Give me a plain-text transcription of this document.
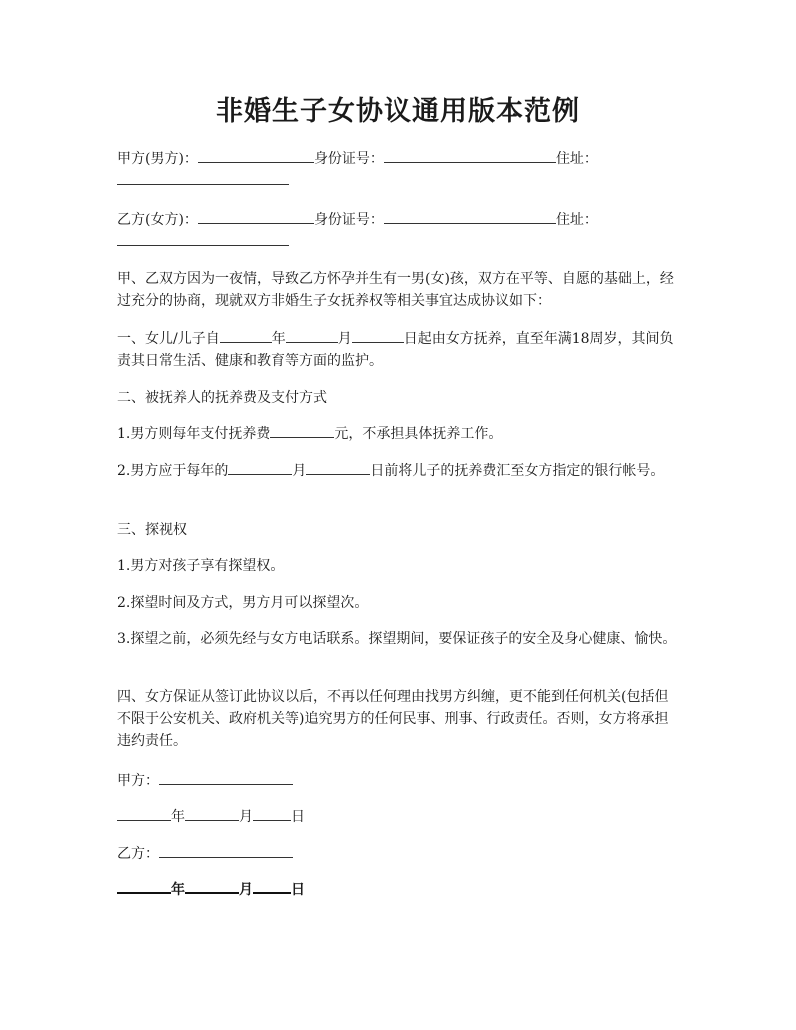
非婚生子女协议通用版本范例

甲方(男方)：	身份证号：	住址：

乙方(女方)：	身份证号：	住址：

甲、乙双方因为一夜情，导致乙方怀孕并生有一男(女)孩，双方在平等、自愿的基础上，经过充分的协商，现就双方非婚生子女抚养权等相关事宜达成协议如下：

一、女儿/儿子自	年	月	日起由女方抚养，直至年满18周岁，其间负责其日常生活、健康和教育等方面的监护。

二、被抚养人的抚养费及支付方式

1.男方则每年支付抚养费	元，不承担具体抚养工作。

2.男方应于每年的	月	日前将儿子的抚养费汇至女方指定的银行帐号。

三、探视权

1.男方对孩子享有探望权。

2.探望时间及方式，男方月可以探望次。

3.探望之前，必须先经与女方电话联系。探望期间，要保证孩子的安全及身心健康、愉快。

四、女方保证从签订此协议以后，不再以任何理由找男方纠缠，更不能到任何机关(包括但不限于公安机关、政府机关等)追究男方的任何民事、刑事、行政责任。否则，女方将承担违约责任。

甲方：

年	月	日

乙方：

年	月	日
